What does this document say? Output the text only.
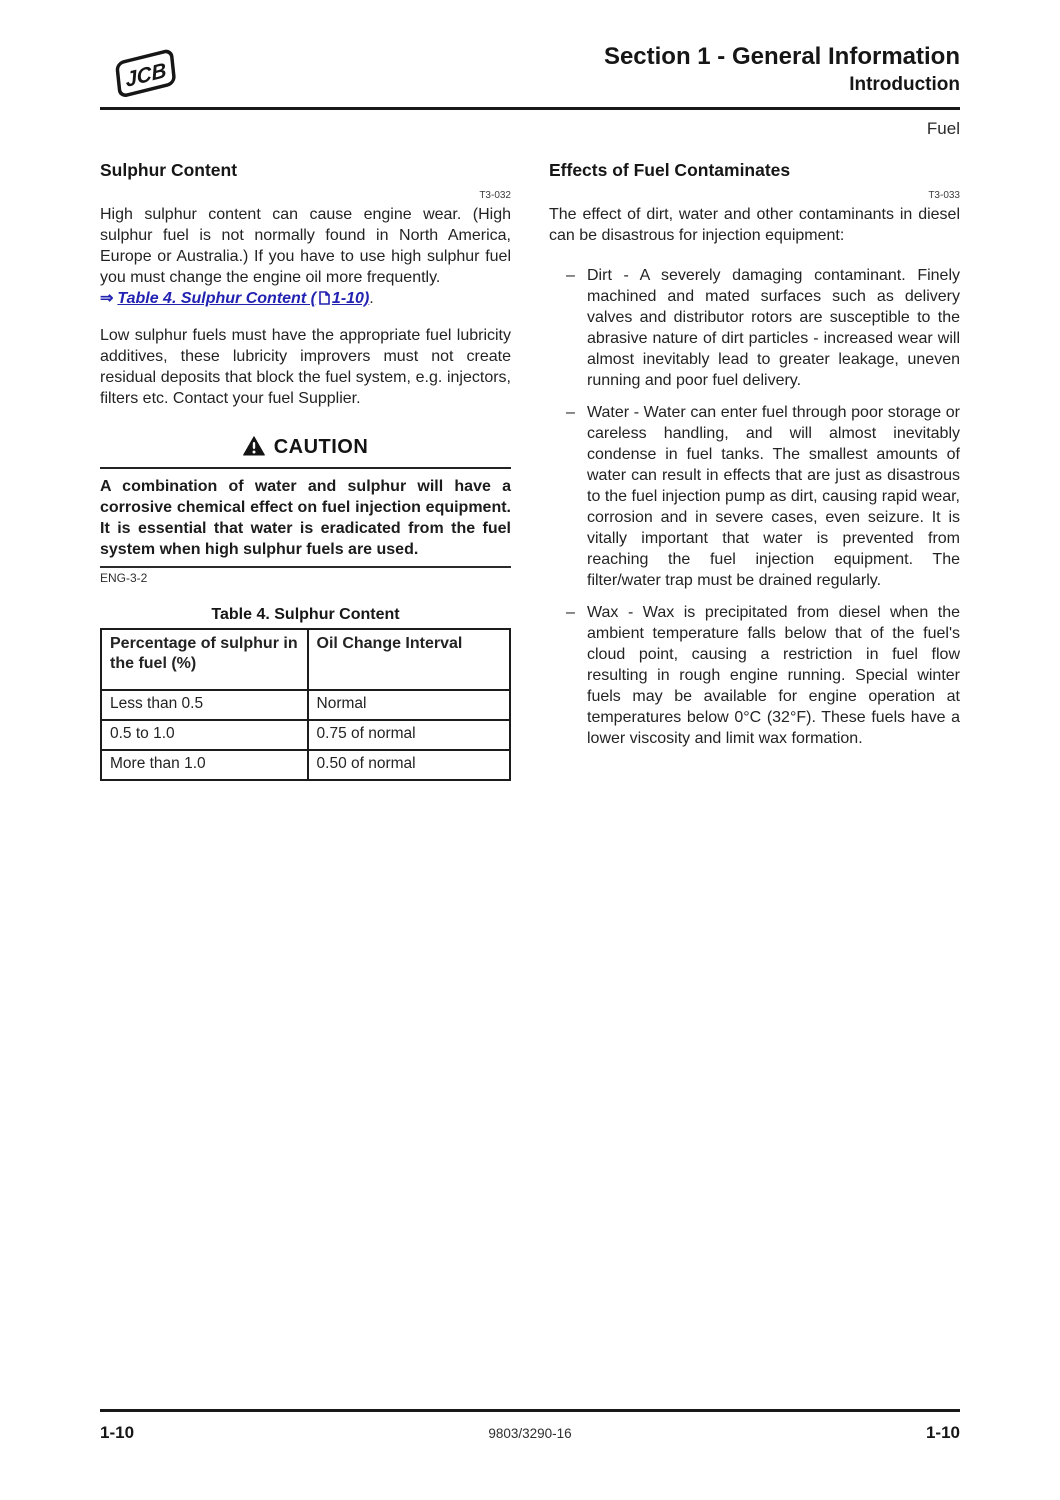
JCB
Section 1 - General Information
Introduction
Fuel
Sulphur Content
T3-032

High sulphur content can cause engine wear. (High sulphur fuel is not normally found in North America, Europe or Australia.) If you have to use high sulphur fuel you must change the engine oil more frequently.

⇒ Table 4. Sulphur Content ( 1-10).

Low sulphur fuels must have the appropriate fuel lubricity additives, these lubricity improvers must not create residual deposits that block the fuel system, e.g. injectors, filters etc. Contact your fuel Supplier.

CAUTION
A combination of water and sulphur will have a corrosive chemical effect on fuel injection equipment. It is essential that water is eradicated from the fuel system when high sulphur fuels are used.
ENG-3-2
Table 4. Sulphur Content
Percentage of sulphur in the fuel (%)	Oil Change Interval
Less than 0.5	Normal
0.5 to 1.0	0.75 of normal
More than 1.0	0.50 of normal
Effects of Fuel Contaminates
T3-033

The effect of dirt, water and other contaminants in diesel can be disastrous for injection equipment:

– Dirt - A severely damaging contaminant. Finely machined and mated surfaces such as delivery valves and distributor rotors are susceptible to the abrasive nature of dirt particles - increased wear will almost inevitably lead to greater leakage, uneven running and poor fuel delivery.
– Water - Water can enter fuel through poor storage or careless handling, and will almost inevitably condense in fuel tanks. The smallest amounts of water can result in effects that are just as disastrous to the fuel injection pump as dirt, causing rapid wear, corrosion and in severe cases, even seizure. It is vitally important that water is prevented from reaching the fuel injection equipment. The filter/water trap must be drained regularly.
– Wax - Wax is precipitated from diesel when the ambient temperature falls below that of the fuel's cloud point, causing a restriction in fuel flow resulting in rough engine running. Special winter fuels may be available for engine operation at temperatures below 0°C (32°F). These fuels have a lower viscosity and limit wax formation.
1-10	9803/3290-16	1-10
